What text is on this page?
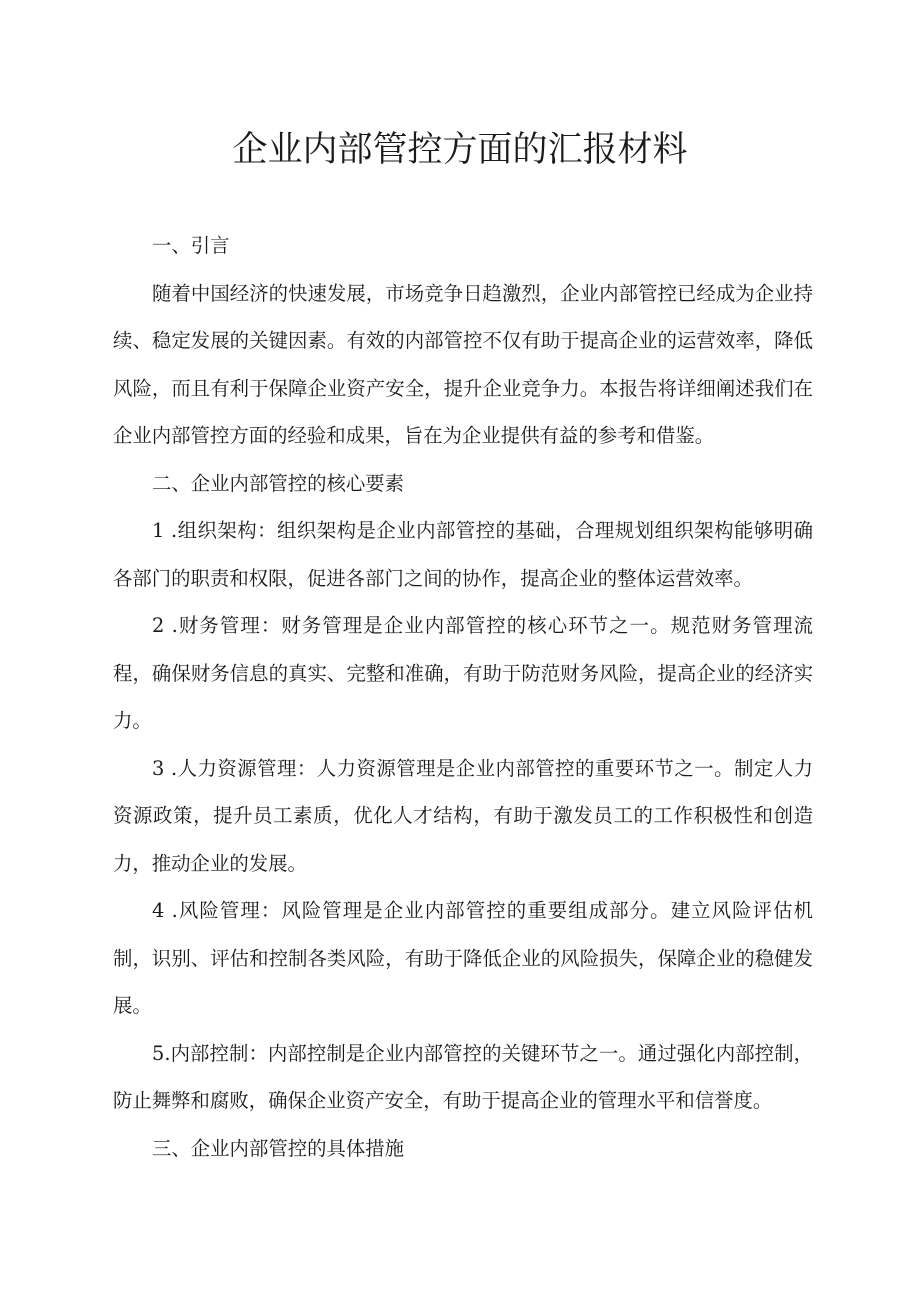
企业内部管控方面的汇报材料

一、引言

随着中国经济的快速发展，市场竞争日趋激烈，企业内部管控已经成为企业持续、稳定发展的关键因素。有效的内部管控不仅有助于提高企业的运营效率，降低风险，而且有利于保障企业资产安全，提升企业竞争力。本报告将详细阐述我们在企业内部管控方面的经验和成果，旨在为企业提供有益的参考和借鉴。

二、企业内部管控的核心要素

1 .组织架构：组织架构是企业内部管控的基础，合理规划组织架构能够明确各部门的职责和权限，促进各部门之间的协作，提高企业的整体运营效率。

2 .财务管理：财务管理是企业内部管控的核心环节之一。规范财务管理流程，确保财务信息的真实、完整和准确，有助于防范财务风险，提高企业的经济实力。

3 .人力资源管理：人力资源管理是企业内部管控的重要环节之一。制定人力资源政策，提升员工素质，优化人才结构，有助于激发员工的工作积极性和创造力，推动企业的发展。

4 .风险管理：风险管理是企业内部管控的重要组成部分。建立风险评估机制，识别、评估和控制各类风险，有助于降低企业的风险损失，保障企业的稳健发展。

5.内部控制：内部控制是企业内部管控的关键环节之一。通过强化内部控制，防止舞弊和腐败，确保企业资产安全，有助于提高企业的管理水平和信誉度。

三、企业内部管控的具体措施
